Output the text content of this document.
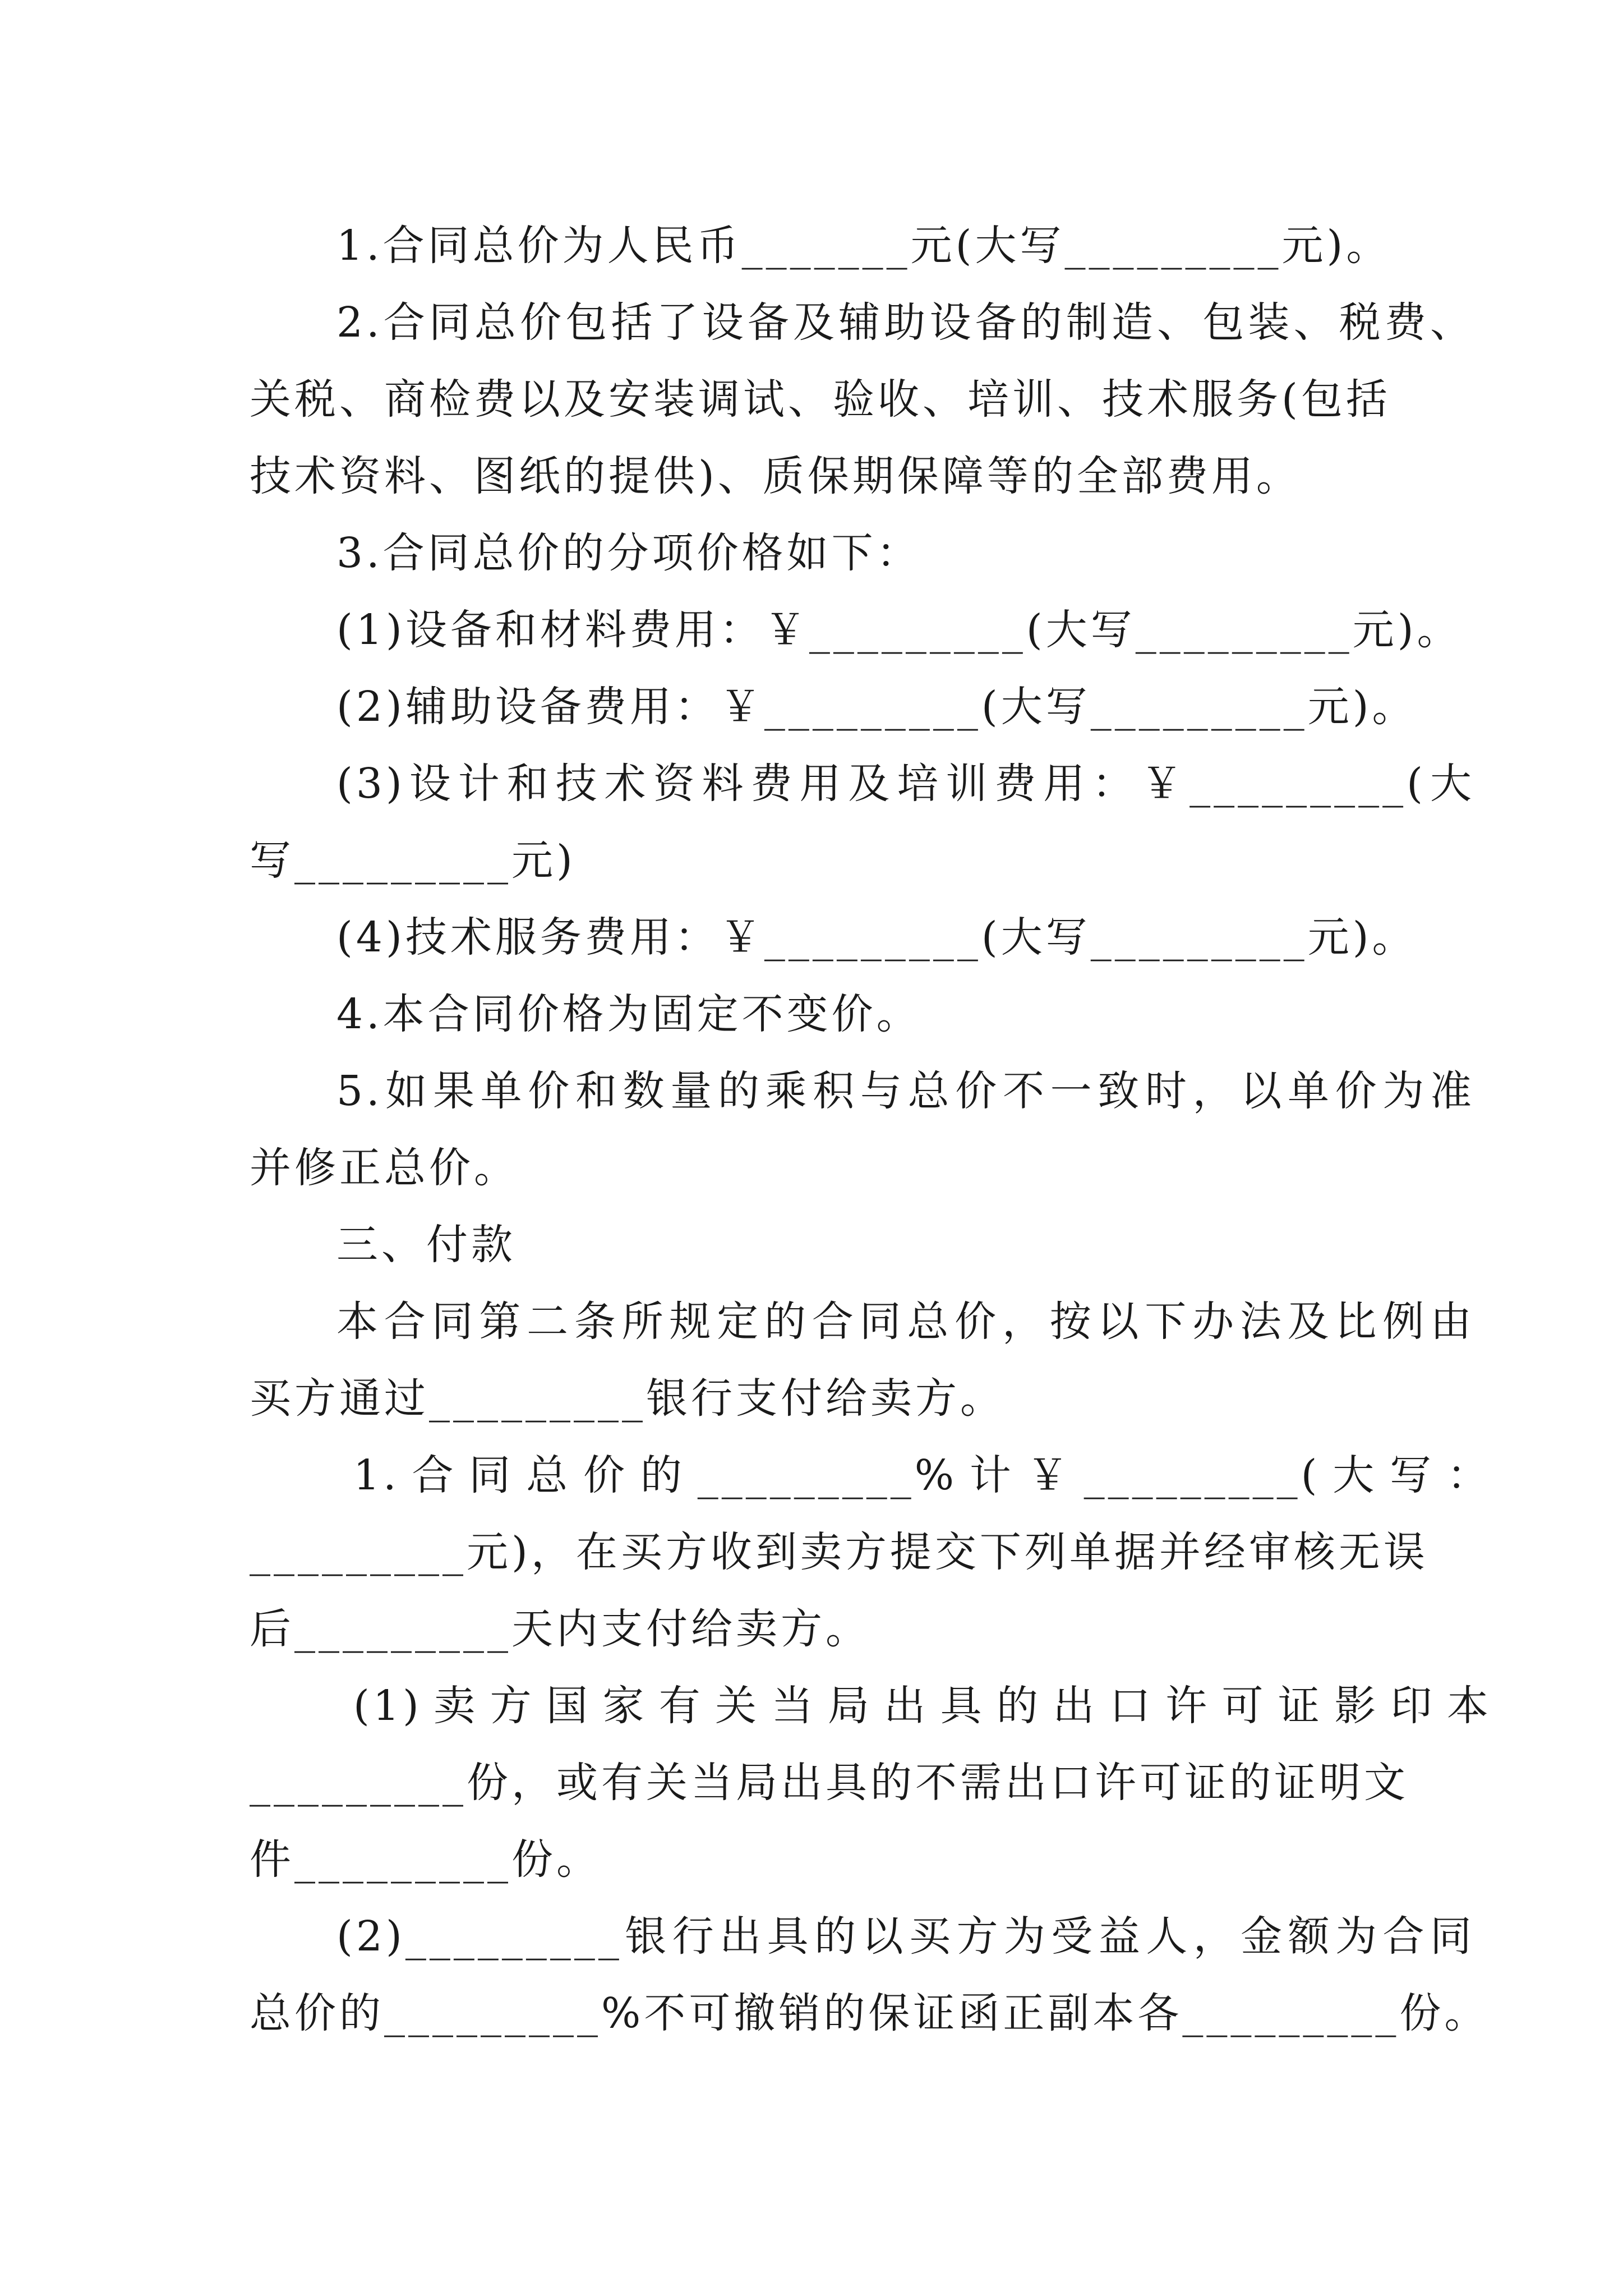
1.合同总价为人民币_______元(大写_________元)。
2.合同总价包括了设备及辅助设备的制造、包装、税费、
关税、商检费以及安装调试、验收、培训、技术服务(包括
技术资料、图纸的提供)、质保期保障等的全部费用。
3.合同总价的分项价格如下：
(1)设备和材料费用：￥_________(大写_________元)。
(2)辅助设备费用：￥_________(大写_________元)。
(3)设计和技术资料费用及培训费用：￥_________(大
写_________元)
(4)技术服务费用：￥_________(大写_________元)。
4.本合同价格为固定不变价。
5.如果单价和数量的乘积与总价不一致时，以单价为准
并修正总价。
三、付款
本合同第二条所规定的合同总价，按以下办法及比例由
买方通过_________银行支付给卖方。
1.合同总价的_________%计￥_________(大写：
_________元)，在买方收到卖方提交下列单据并经审核无误
后_________天内支付给卖方。
(1)卖方国家有关当局出具的出口许可证影印本
_________份，或有关当局出具的不需出口许可证的证明文
件_________份。
(2)_________银行出具的以买方为受益人，金额为合同
总价的_________%不可撤销的保证函正副本各_________份。
